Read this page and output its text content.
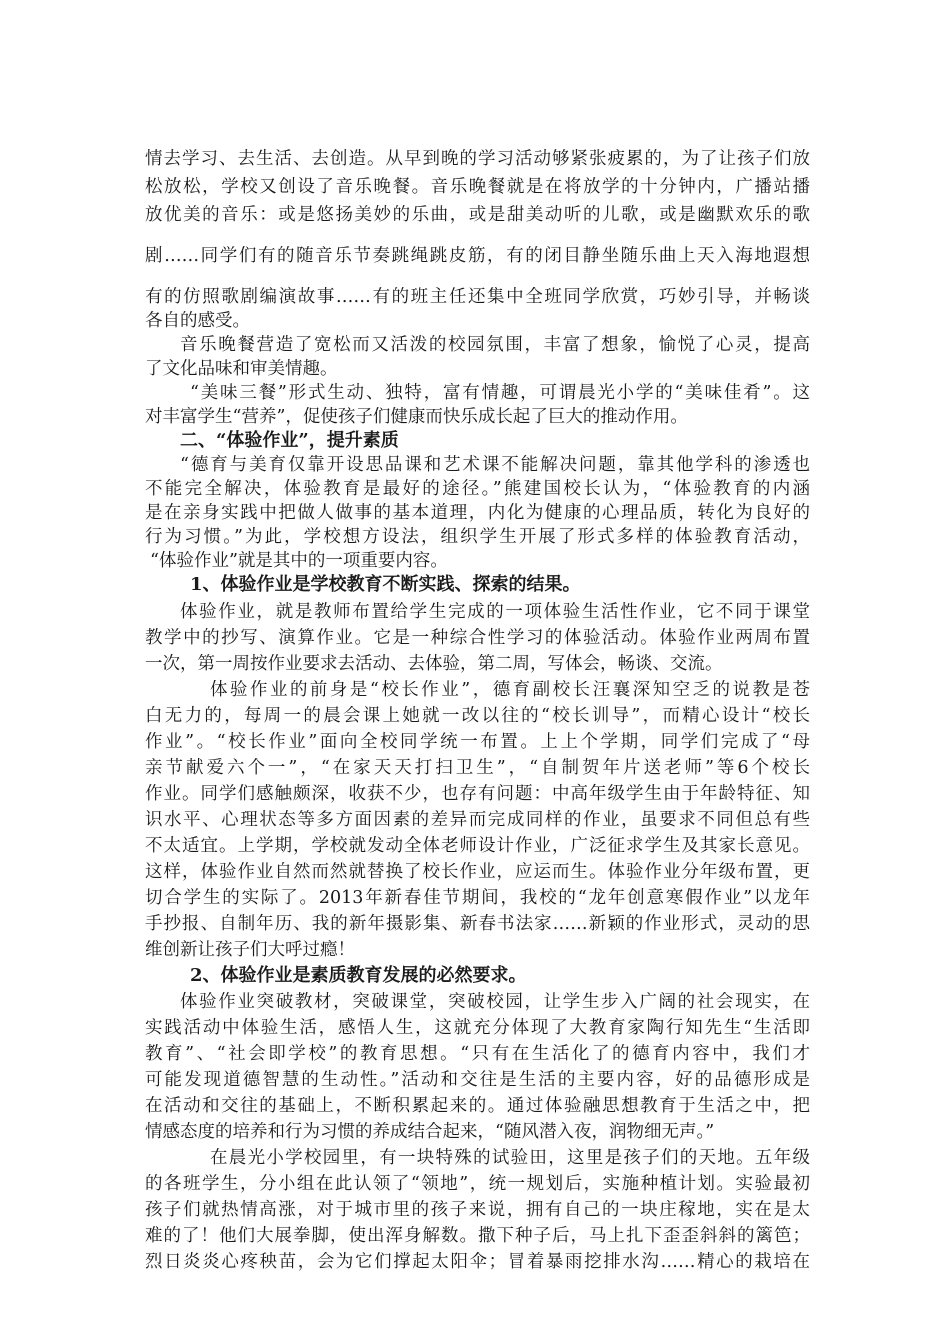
情去学习、去生活、去创造。从早到晚的学习活动够紧张疲累的，为了让孩子们放
松放松，学校又创设了音乐晚餐。音乐晚餐就是在将放学的十分钟内，广播站播
放优美的音乐：或是悠扬美妙的乐曲，或是甜美动听的儿歌，或是幽默欢乐的歌
剧……同学们有的随音乐节奏跳绳跳皮筋，有的闭目静坐随乐曲上天入海地遐想
有的仿照歌剧编演故事……有的班主任还集中全班同学欣赏，巧妙引导，并畅谈
各自的感受。
音乐晚餐营造了宽松而又活泼的校园氛围，丰富了想象，愉悦了心灵，提高
了文化品味和审美情趣。
“美味三餐”形式生动、独特，富有情趣，可谓晨光小学的“美味佳肴”。这
对丰富学生“营养”，促使孩子们健康而快乐成长起了巨大的推动作用。
二、“体验作业”，提升素质
“德育与美育仅靠开设思品课和艺术课不能解决问题，靠其他学科的渗透也
不能完全解决，体验教育是最好的途径。”熊建国校长认为，“体验教育的内涵
是在亲身实践中把做人做事的基本道理，内化为健康的心理品质，转化为良好的
行为习惯。”为此，学校想方设法，组织学生开展了形式多样的体验教育活动，
“体验作业”就是其中的一项重要内容。
1、体验作业是学校教育不断实践、探索的结果。
体验作业，就是教师布置给学生完成的一项体验生活性作业，它不同于课堂
教学中的抄写、演算作业。它是一种综合性学习的体验活动。体验作业两周布置
一次，第一周按作业要求去活动、去体验，第二周，写体会，畅谈、交流。
体验作业的前身是“校长作业”，德育副校长汪襄深知空乏的说教是苍
白无力的，每周一的晨会课上她就一改以往的“校长训导”，而精心设计“校长
作业”。“校长作业”面向全校同学统一布置。上上个学期，同学们完成了“母
亲节献爱六个一”，“在家天天打扫卫生”，“自制贺年片送老师”等6个校长
作业。同学们感触颇深，收获不少，也存有问题：中高年级学生由于年龄特征、知
识水平、心理状态等多方面因素的差异而完成同样的作业，虽要求不同但总有些
不太适宜。上学期，学校就发动全体老师设计作业，广泛征求学生及其家长意见。
这样，体验作业自然而然就替换了校长作业，应运而生。体验作业分年级布置，更
切合学生的实际了。2013年新春佳节期间，我校的“龙年创意寒假作业”以龙年
手抄报、自制年历、我的新年摄影集、新春书法家……新颖的作业形式，灵动的思
维创新让孩子们大呼过瘾！
2、体验作业是素质教育发展的必然要求。
体验作业突破教材，突破课堂，突破校园，让学生步入广阔的社会现实，在
实践活动中体验生活，感悟人生，这就充分体现了大教育家陶行知先生“生活即
教育”、“社会即学校”的教育思想。“只有在生活化了的德育内容中，我们才
可能发现道德智慧的生动性。”活动和交往是生活的主要内容，好的品德形成是
在活动和交往的基础上，不断积累起来的。通过体验融思想教育于生活之中，把
情感态度的培养和行为习惯的养成结合起来，“随风潜入夜，润物细无声。”
在晨光小学校园里，有一块特殊的试验田，这里是孩子们的天地。五年级
的各班学生，分小组在此认领了“领地”，统一规划后，实施种植计划。实验最初
孩子们就热情高涨，对于城市里的孩子来说，拥有自己的一块庄稼地，实在是太
难的了！他们大展拳脚，使出浑身解数。撒下种子后，马上扎下歪歪斜斜的篱笆；
烈日炎炎心疼秧苗，会为它们撑起太阳伞；冒着暴雨挖排水沟……精心的栽培在
